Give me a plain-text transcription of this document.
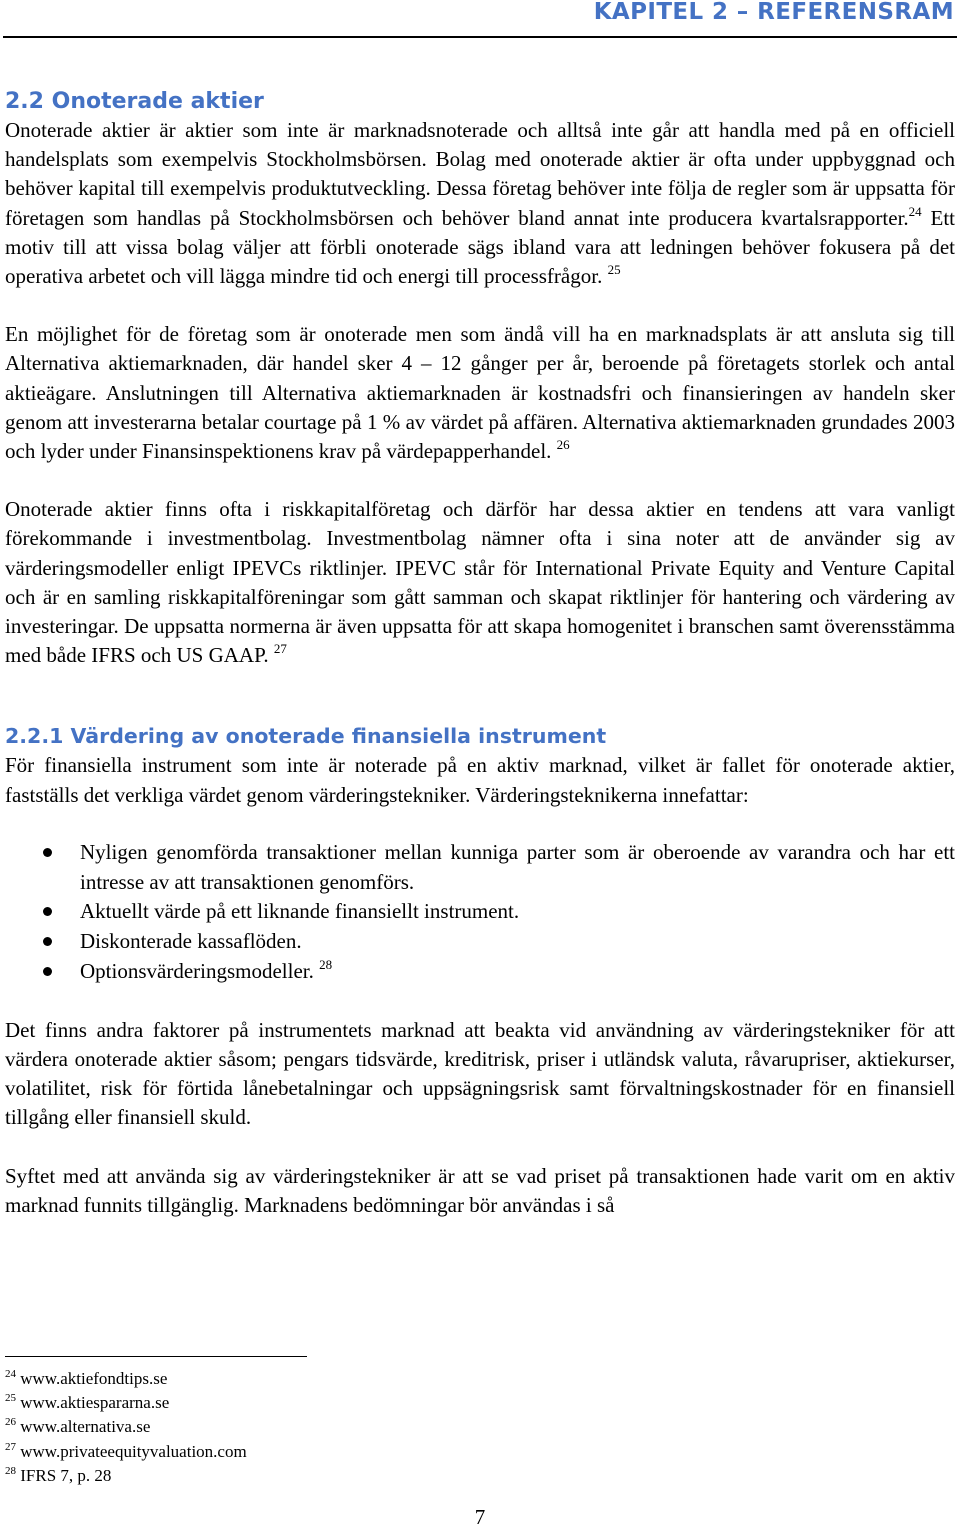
KAPITEL 2 – REFERENSRAM
2.2 Onoterade aktier

Onoterade aktier är aktier som inte är marknadsnoterade och alltså inte går att handla med på en officiell handelsplats som exempelvis Stockholmsbörsen. Bolag med onoterade aktier är ofta under uppbyggnad och behöver kapital till exempelvis produktutveckling. Dessa företag behöver inte följa de regler som är uppsatta för företagen som handlas på Stockholmsbörsen och behöver bland annat inte producera kvartalsrapporter.$^{24}$ Ett motiv till att vissa bolag väljer att förbli onoterade sägs ibland vara att ledningen behöver fokusera på det operativa arbetet och vill lägga mindre tid och energi till processfrågor. $^{25}$

En möjlighet för de företag som är onoterade men som ändå vill ha en marknadsplats är att ansluta sig till Alternativa aktiemarknaden, där handel sker 4 – 12 gånger per år, beroende på företagets storlek och antal aktieägare. Anslutningen till Alternativa aktiemarknaden är kostnadsfri och finansieringen av handeln sker genom att investerarna betalar courtage på 1 % av värdet på affären. Alternativa aktiemarknaden grundades 2003 och lyder under Finansinspektionens krav på värdepapperhandel. $^{26}$

Onoterade aktier finns ofta i riskkapitalföretag och därför har dessa aktier en tendens att vara vanligt förekommande i investmentbolag. Investmentbolag nämner ofta i sina noter att de använder sig av värderingsmodeller enligt IPEVCs riktlinjer. IPEVC står för International Private Equity and Venture Capital och är en samling riskkapitalföreningar som gått samman och skapat riktlinjer för hantering och värdering av investeringar. De uppsatta normerna är även uppsatta för att skapa homogenitet i branschen samt överensstämma med både IFRS och US GAAP. $^{27}$

2.2.1 Värdering av onoterade finansiella instrument

För finansiella instrument som inte är noterade på en aktiv marknad, vilket är fallet för onoterade aktier, fastställs det verkliga värdet genom värderingstekniker. Värderingsteknikerna innefattar:

Nyligen genomförda transaktioner mellan kunniga parter som är oberoende av varandra och har ett intresse av att transaktionen genomförs.
Aktuellt värde på ett liknande finansiellt instrument.
Diskonterade kassaflöden.
Optionsvärderingsmodeller. $^{28}$

Det finns andra faktorer på instrumentets marknad att beakta vid användning av värderingstekniker för att värdera onoterade aktier såsom; pengars tidsvärde, kreditrisk, priser i utländsk valuta, råvarupriser, aktiekurser, volatilitet, risk för förtida lånebetalningar och uppsägningsrisk samt förvaltningskostnader för en finansiell tillgång eller finansiell skuld.

Syftet med att använda sig av värderingstekniker är att se vad priset på transaktionen hade varit om en aktiv marknad funnits tillgänglig. Marknadens bedömningar bör användas i så

$^{24}$ www.aktiefondtips.se
$^{25}$ www.aktiespararna.se
$^{26}$ www.alternativa.se
$^{27}$ www.privateequityvaluation.com
$^{28}$ IFRS 7, p. 28
7
